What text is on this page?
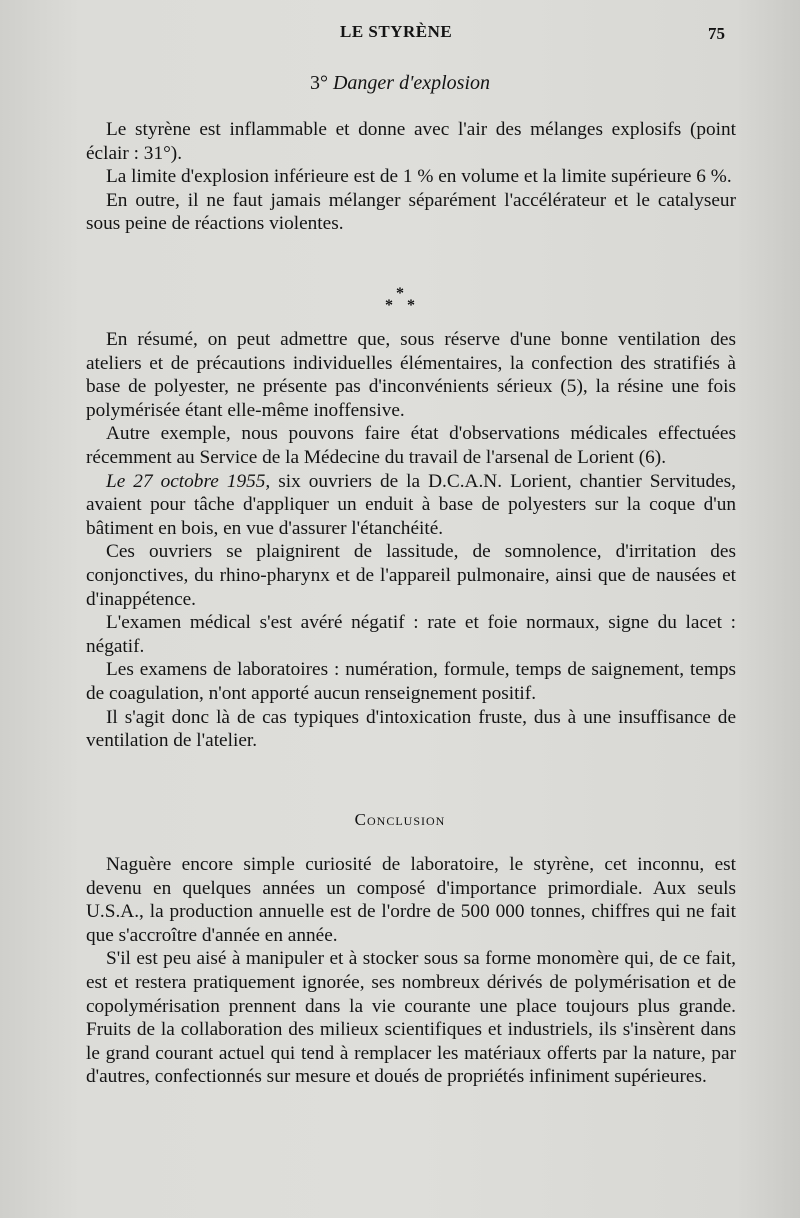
LE STYRÈNE	75
3° Danger d'explosion

Le styrène est inflammable et donne avec l'air des mélanges explosifs (point éclair : 31°).

La limite d'explosion inférieure est de 1 % en volume et la limite supérieure 6 %.

En outre, il ne faut jamais mélanger séparément l'accélérateur et le catalyseur sous peine de réactions violentes.

*
**

En résumé, on peut admettre que, sous réserve d'une bonne ventilation des ateliers et de précautions individuelles élémentaires, la confection des stratifiés à base de polyester, ne présente pas d'inconvénients sérieux (5), la résine une fois polymérisée étant elle-même inoffensive.

Autre exemple, nous pouvons faire état d'observations médicales effectuées récemment au Service de la Médecine du travail de l'arsenal de Lorient (6).

Le 27 octobre 1955, six ouvriers de la D.C.A.N. Lorient, chantier Servitudes, avaient pour tâche d'appliquer un enduit à base de polyesters sur la coque d'un bâtiment en bois, en vue d'assurer l'étanchéité.

Ces ouvriers se plaignirent de lassitude, de somnolence, d'irritation des conjonctives, du rhino-pharynx et de l'appareil pulmonaire, ainsi que de nausées et d'inappétence.

L'examen médical s'est avéré négatif : rate et foie normaux, signe du lacet : négatif.

Les examens de laboratoires : numération, formule, temps de saignement, temps de coagulation, n'ont apporté aucun renseignement positif.

Il s'agit donc là de cas typiques d'intoxication fruste, dus à une insuffisance de ventilation de l'atelier.

Conclusion

Naguère encore simple curiosité de laboratoire, le styrène, cet inconnu, est devenu en quelques années un composé d'importance primordiale. Aux seuls U.S.A., la production annuelle est de l'ordre de 500 000 tonnes, chiffres qui ne fait que s'accroître d'année en année.

S'il est peu aisé à manipuler et à stocker sous sa forme monomère qui, de ce fait, est et restera pratiquement ignorée, ses nombreux dérivés de polymérisation et de copolymérisation prennent dans la vie courante une place toujours plus grande. Fruits de la collaboration des milieux scientifiques et industriels, ils s'insèrent dans le grand courant actuel qui tend à remplacer les matériaux offerts par la nature, par d'autres, confectionnés sur mesure et doués de propriétés infiniment supérieures.
